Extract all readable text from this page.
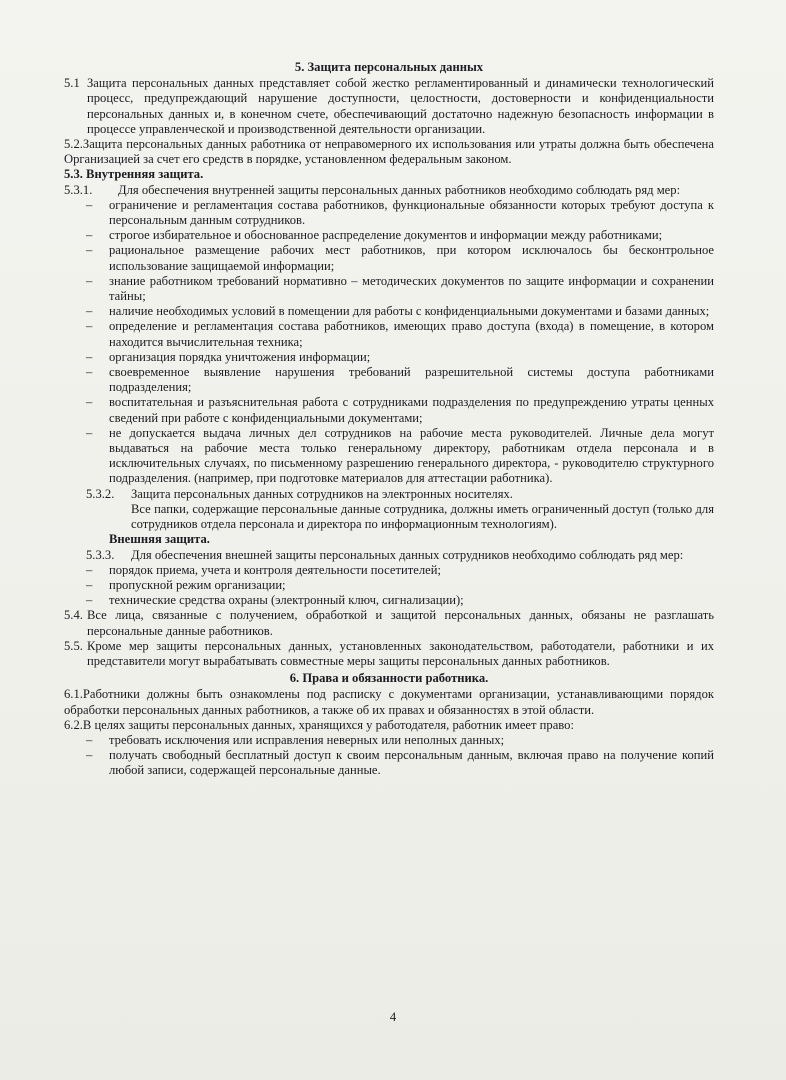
5. Защита персональных данных
5.1 Защита персональных данных представляет собой жестко регламентированный и динамически технологический процесс, предупреждающий нарушение доступности, целостности, достоверности и конфиденциальности персональных данных и, в конечном счете, обеспечивающий достаточно надежную безопасность информации в процессе управленческой и производственной деятельности организации.
5.2.Защита персональных данных работника от неправомерного их использования или утраты должна быть обеспечена Организацией за счет его средств в порядке, установленном федеральным законом.
5.3. Внутренняя защита.
5.3.1. Для обеспечения внутренней защиты персональных данных работников необходимо соблюдать ряд мер:
– ограничение и регламентация состава работников, функциональные обязанности которых требуют доступа к персональным данным сотрудников.
– строгое избирательное и обоснованное распределение документов и информации между работниками;
– рациональное размещение рабочих мест работников, при котором исключалось бы бесконтрольное использование защищаемой информации;
– знание работником требований нормативно – методических документов по защите информации и сохранении тайны;
– наличие необходимых условий в помещении для работы с конфиденциальными документами и базами данных;
– определение и регламентация состава работников, имеющих право доступа (входа) в помещение, в котором находится вычислительная техника;
– организация порядка уничтожения информации;
– своевременное выявление нарушения требований разрешительной системы доступа работниками подразделения;
– воспитательная и разъяснительная работа с сотрудниками подразделения по предупреждению утраты ценных сведений при работе с конфиденциальными документами;
– не допускается выдача личных дел сотрудников на рабочие места руководителей. Личные дела могут выдаваться на рабочие места только генеральному директору, работникам отдела персонала и в исключительных случаях, по письменному разрешению генерального директора, - руководителю структурного подразделения. (например, при подготовке материалов для аттестации работника).
5.3.2. Защита персональных данных сотрудников на электронных носителях.
Все папки, содержащие персональные данные сотрудника, должны иметь ограниченный доступ (только для сотрудников отдела персонала и директора по информационным технологиям).
Внешняя защита.
5.3.3. Для обеспечения внешней защиты персональных данных сотрудников необходимо соблюдать ряд мер:
– порядок приема, учета и контроля деятельности посетителей;
– пропускной режим организации;
– технические средства охраны (электронный ключ, сигнализации);
5.4. Все лица, связанные с получением, обработкой и защитой персональных данных, обязаны не разглашать персональные данные работников.
5.5. Кроме мер защиты персональных данных, установленных законодательством, работодатели, работники и их представители могут вырабатывать совместные меры защиты персональных данных работников.
6. Права и обязанности работника.
6.1.Работники должны быть ознакомлены под расписку с документами организации, устанавливающими порядок обработки персональных данных работников, а также об их правах и обязанностях в этой области.
6.2.В целях защиты персональных данных, хранящихся у работодателя, работник имеет право:
– требовать исключения или исправления неверных или неполных данных;
– получать свободный бесплатный доступ к своим персональным данным, включая право на получение копий любой записи, содержащей персональные данные.
4
